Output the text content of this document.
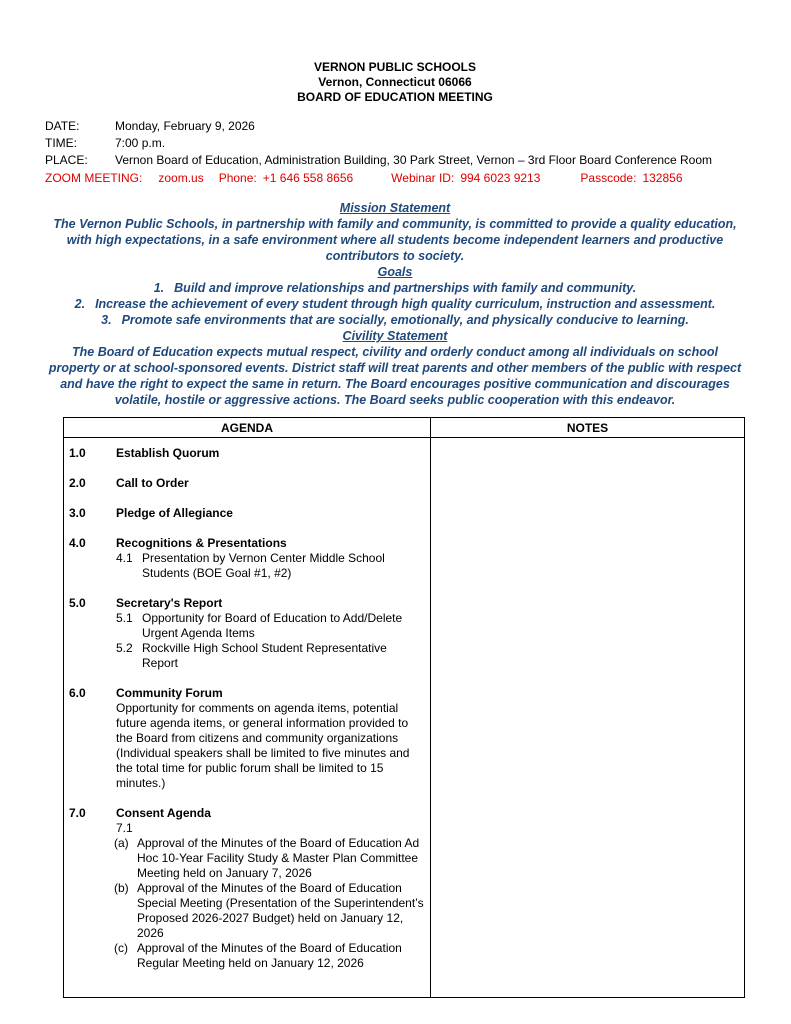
VERNON PUBLIC SCHOOLS
Vernon, Connecticut 06066
BOARD OF EDUCATION MEETING
DATE:	Monday, February 9, 2026
TIME:	7:00 p.m.
PLACE:	Vernon Board of Education, Administration Building, 30 Park Street, Vernon – 3rd Floor Board Conference Room
ZOOM MEETING: zoom.us Phone: +1 646 558 8656	Webinar ID: 994 6023 9213	Passcode: 132856
Mission Statement
The Vernon Public Schools, in partnership with family and community, is committed to provide a quality education, with high expectations, in a safe environment where all students become independent learners and productive contributors to society.
Goals
1. Build and improve relationships and partnerships with family and community.
2. Increase the achievement of every student through high quality curriculum, instruction and assessment.
3. Promote safe environments that are socially, emotionally, and physically conducive to learning.
Civility Statement
The Board of Education expects mutual respect, civility and orderly conduct among all individuals on school property or at school-sponsored events. District staff will treat parents and other members of the public with respect and have the right to expect the same in return. The Board encourages positive communication and discourages volatile, hostile or aggressive actions. The Board seeks public cooperation with this endeavor.
AGENDA	NOTES

1.0	Establish Quorum
2.0	Call to Order
3.0	Pledge of Allegiance
4.0	Recognitions & Presentations
4.1 Presentation by Vernon Center Middle School Students (BOE Goal #1, #2)
5.0	Secretary's Report
5.1 Opportunity for Board of Education to Add/Delete Urgent Agenda Items
5.2 Rockville High School Student Representative Report
6.0	Community Forum
Opportunity for comments on agenda items, potential future agenda items, or general information provided to the Board from citizens and community organizations (Individual speakers shall be limited to five minutes and the total time for public forum shall be limited to 15 minutes.)
7.0	Consent Agenda
7.1
(a) Approval of the Minutes of the Board of Education Ad Hoc 10-Year Facility Study & Master Plan Committee Meeting held on January 7, 2026
(b) Approval of the Minutes of the Board of Education Special Meeting (Presentation of the Superintendent’s Proposed 2026-2027 Budget) held on January 12, 2026
(c) Approval of the Minutes of the Board of Education Regular Meeting held on January 12, 2026
